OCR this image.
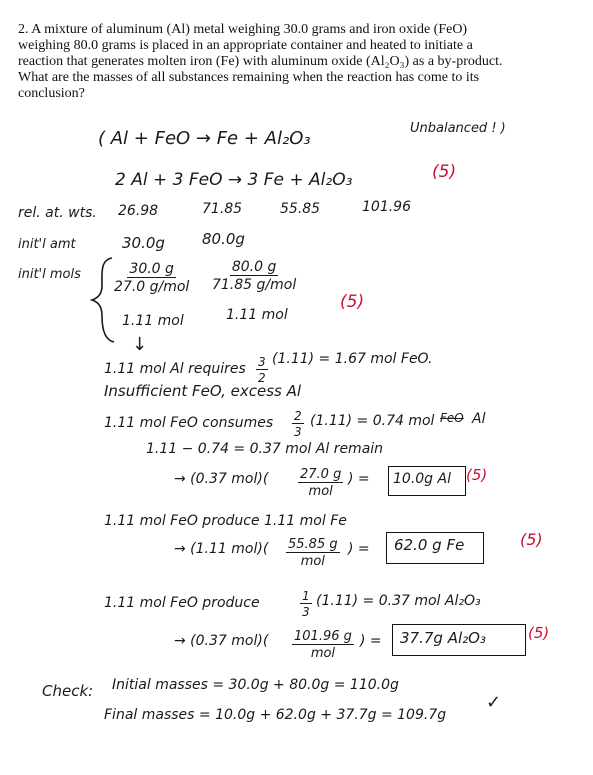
2. A mixture of aluminum (Al) metal weighing 30.0 grams and iron oxide (FeO)
weighing 80.0 grams is placed in an appropriate container and heated to initiate a
reaction that generates molten iron (Fe) with aluminum oxide (Al₂O₃) as a by-product.
What are the masses of all substances remaining when the reaction has come to its
conclusion?
( Al + FeO → Fe + Al₂O₃	Unbalanced ! )
2 Al + 3 FeO → 3 Fe + Al₂O₃	(5)
rel. at. wts. 26.98	71.85	55.85	101.96
init'l amt	30.0g 80.0g
init'l mols	30.0 g
27.0 g/mol
80.0 g
71.85 g/mol
1.11 mol	1.11 mol
(5)
↓
1.11 mol Al requires $\frac{3}{2} (1.11) = 1.67$ mol FeO.
Insufficient FeO, excess Al
1.11 mol FeO consumes $\frac{2}{3} (1.11) = 0.74$ mol FeO Al
1.11 − 0.74 = 0.37 mol Al remain
→ (0.37 mol)( 27.0 g
mol
) = 10.0g Al (5)
1.11 mol FeO produce 1.11 mol Fe
→ (1.11 mol)( 55.85 g
mol
) = 62.0 g Fe	(5)
1.11 mol FeO produce	$\frac{1}{3} (1.11) = 0.37$ mol Al₂O₃
→ (0.37 mol)( 101.96 g
mol
) = 37.7g Al₂O₃	(5)
Check: Initial masses = 30.0g + 80.0g = 110.0g
Final masses = 10.0g + 62.0g + 37.7g = 109.7g
✓
